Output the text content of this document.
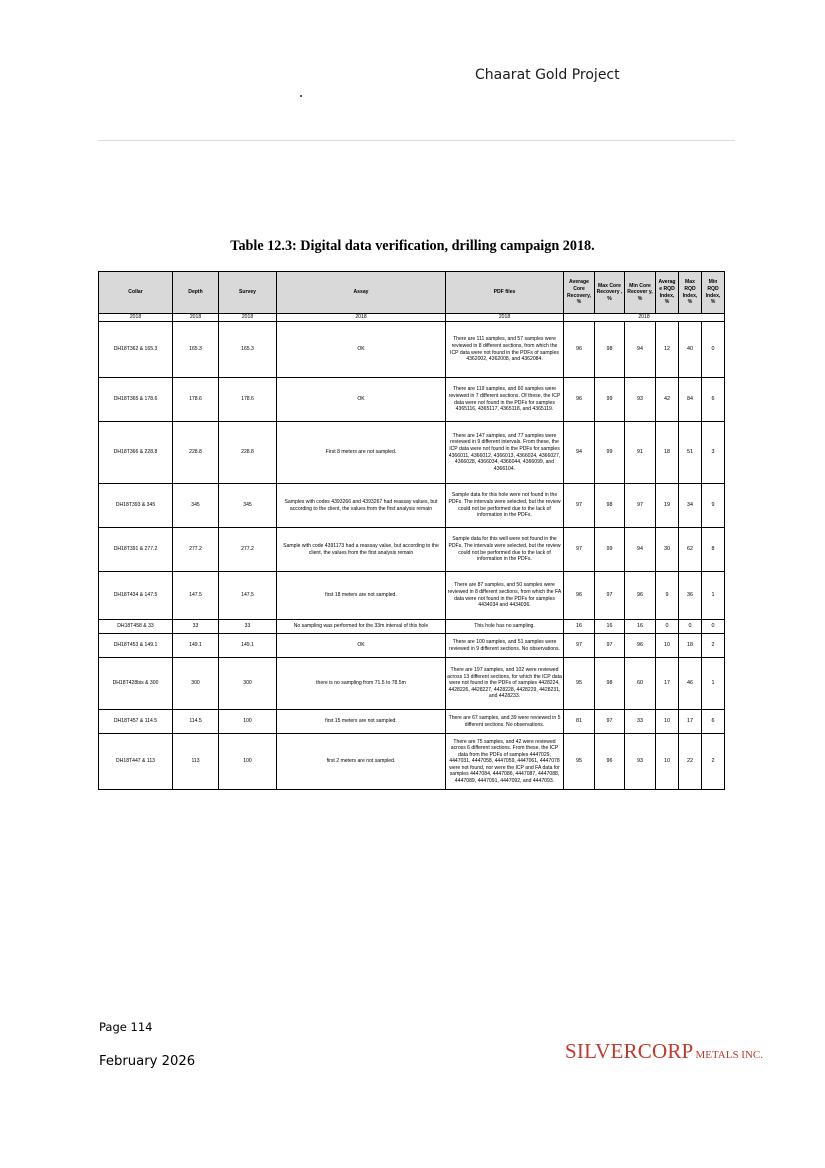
Chaarat Gold Project
Table 12.3: Digital data verification, drilling campaign 2018.
Collar	Depth	Survey	Assay	PDF files	Average Core Recovery, %	Max Core Recovery , %	Min Core Recover y, %	Averag e RQD Index, %	Max RQD Index, %	Min RQD Index, %
2018	2018	2018	2018	2018	2018					
DH18T362 & 165.3	165.3	165.3	OK	There are 111 samples, and 57 samples were reviewed in 8 different sections, from which the ICP data were not found in the PDFs of samples 4362002, 4362008, and 4362084.	96	98	94	12	40	0
DH18T365 & 178.6	178.6	178.6	OK	There are 119 samples, and 60 samples were reviewed in 7 different sections. Of these, the ICP data were not found in the PDFs for samples 4365116, 4365117, 4365118, and 4365119.	96	99	93	42	84	6
DH18T366 & 228.8	228.8	228.8	First 8 meters are not sampled.	There are 147 samples, and 77 samples were reviewed in 9 different intervals. From these, the ICP data were not found in the PDFs for samples 4366011, 4366012, 4366013, 4366024, 4366027, 4366028, 4366034, 4366044, 4366099, and 4366104.	94	99	91	18	51	3
DH18T393 & 345	345	345	Samples with codes 4393266 and 4393267 had reassay values, but according to the client, the values from the first analysis remain	Sample data for this hole were not found in the PDFs. The intervals were selected, but the review could not be performed due to the lack of information in the PDFs.	97	98	97	19	34	9
DH18T391 & 277.2	277.2	277.2	Sample with code 4391173 had a reassay value, but according to the client, the values from the first analysis remain	Sample data for this well were not found in the PDFs. The intervals were selected, but the review could not be performed due to the lack of information in the PDFs.	97	99	94	30	62	8
DH18T434 & 147.5	147.5	147.5	first 18 meters are not sampled.	There are 87 samples, and 50 samples were reviewed in 8 different sections, from which the FA data were not found in the PDFs for samples 4434034 and 4434036.	96	97	96	9	36	1
DH18T458 & 33	33	33	No sampling was performed for the 33m interval of this hole	This hole has no sampling.	16	16	16	0	0	0
DH18T453 & 149.1	149.1	149.1	OK	There are 100 samples, and 51 samples were reviewed in 9 different sections. No observations.	97	97	96	10	18	2
DH18T428bis & 300	300	300	there is no sampling from 71.5 to 78.5m	There are 197 samples, and 102 were reviewed across 13 different sections, for which the ICP data were not found in the PDFs of samples 4428224, 4428226, 4428227, 4428228, 4428229, 4428231, and 4428233.	95	98	60	17	46	1
DH18T457 & 114.5	114.5	100	first 15 meters are not sampled.	There are 67 samples, and 39 were reviewed in 5 different sections. No observations.	81	97	33	10	17	6
DH18T447 & 113	113	100	first 2 meters are not sampled.	There are 75 samples, and 42 were reviewed across 6 different sections. From these, the ICP data from the PDFs of samples 4447029, 4447031, 4447058, 4447059, 4447061, 4447078 were not found, nor were the ICP and FA data for samples 4447084, 4447086, 4447087, 4447088, 4447089, 4447091, 4447092, and 4447093.	95	96	93	10	22	2
Page 114
February 2026	SILVERCORP METALS INC.
